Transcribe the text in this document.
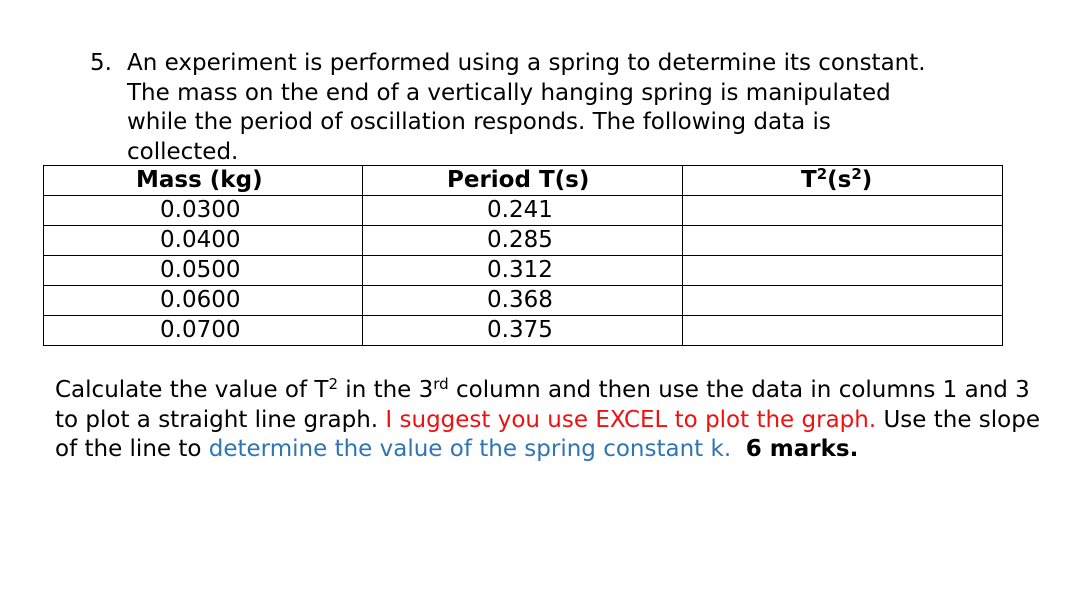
5. An experiment is performed using a spring to determine its constant.
The mass on the end of a vertically hanging spring is manipulated
while the period of oscillation responds. The following data is
collected.
Mass (kg)	Period T(s)	$T^2(s^2)$
0.0300	0.241	
0.0400	0.285	
0.0500	0.312	
0.0600	0.368	
0.0700	0.375	
Calculate the value of $T^2$ in the 3rd column and then use the data in columns 1 and 3 to plot a straight line graph. I suggest you use EXCEL to plot the graph. Use the slope of the line to determine the value of the spring constant k. 6 marks.
